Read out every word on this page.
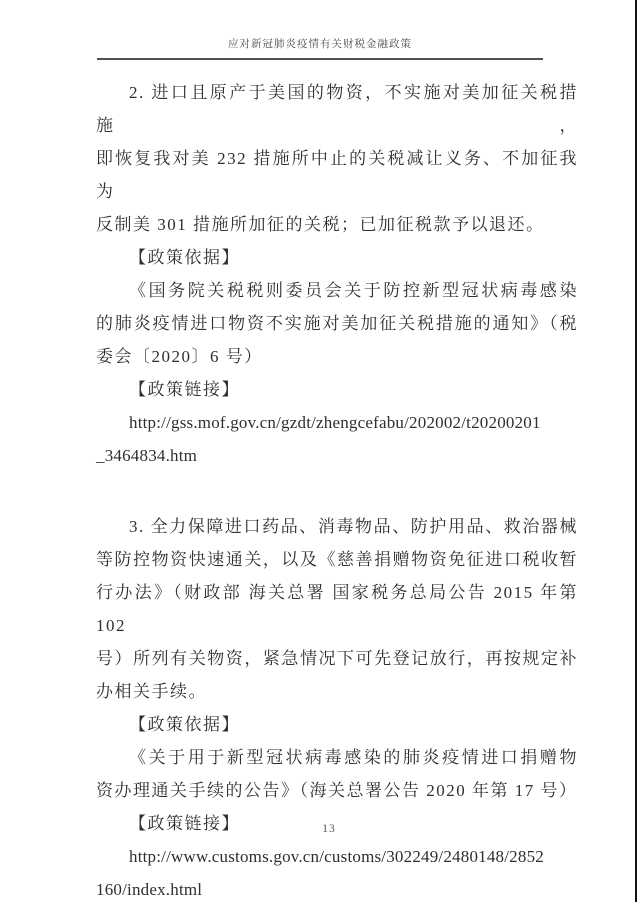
应对新冠肺炎疫情有关财税金融政策
2. 进口且原产于美国的物资，不实施对美加征关税措施，
即恢复我对美 232 措施所中止的关税减让义务、不加征我为
反制美 301 措施所加征的关税；已加征税款予以退还。
【政策依据】
《国务院关税税则委员会关于防控新型冠状病毒感染
的肺炎疫情进口物资不实施对美加征关税措施的通知》（税
委会〔2020〕6 号）
【政策链接】
http://gss.mof.gov.cn/gzdt/zhengcefabu/202002/t20200201
_3464834.htm
3. 全力保障进口药品、消毒物品、防护用品、救治器械
等防控物资快速通关，以及《慈善捐赠物资免征进口税收暂
行办法》（财政部 海关总署 国家税务总局公告 2015 年第 102
号）所列有关物资，紧急情况下可先登记放行，再按规定补
办相关手续。
【政策依据】
《关于用于新型冠状病毒感染的肺炎疫情进口捐赠物
资办理通关手续的公告》（海关总署公告 2020 年第 17 号）
【政策链接】
http://www.customs.gov.cn/customs/302249/2480148/2852
160/index.html
13
